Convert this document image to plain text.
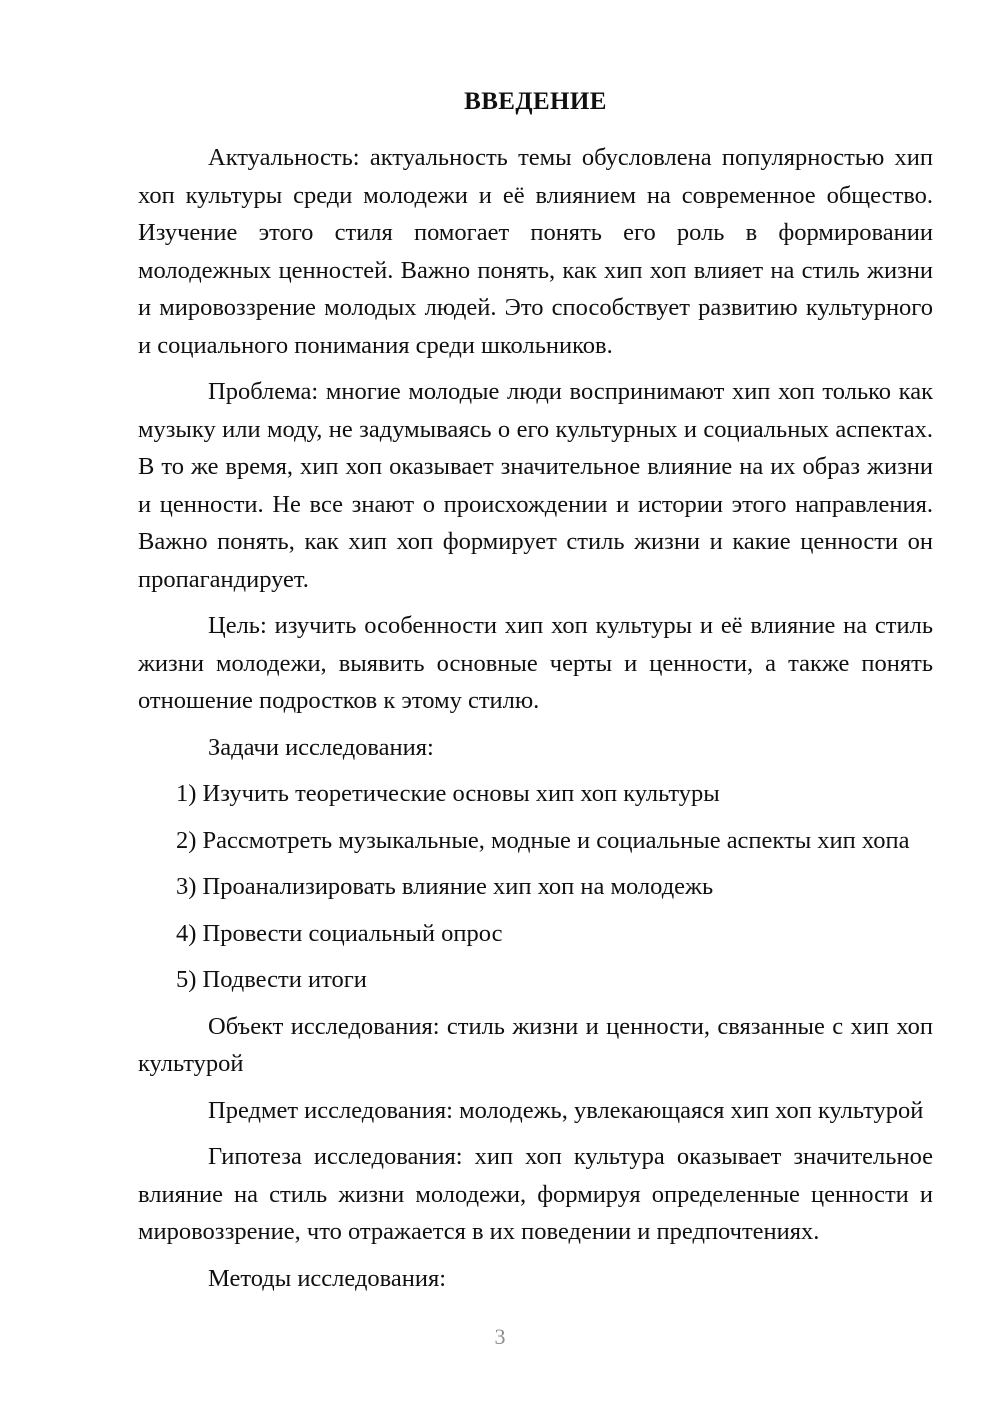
ВВЕДЕНИЕ

Актуальность: актуальность темы обусловлена популярностью хип хоп культуры среди молодежи и её влиянием на современное общество. Изучение этого стиля помогает понять его роль в формировании молодежных ценностей. Важно понять, как хип хоп влияет на стиль жизни и мировоззрение молодых людей. Это способствует развитию культурного и социального понимания среди школьников.

Проблема: многие молодые люди воспринимают хип хоп только как музыку или моду, не задумываясь о его культурных и социальных аспектах. В то же время, хип хоп оказывает значительное влияние на их образ жизни и ценности. Не все знают о происхождении и истории этого направления. Важно понять, как хип хоп формирует стиль жизни и какие ценности он пропагандирует.

Цель: изучить особенности хип хоп культуры и её влияние на стиль жизни молодежи, выявить основные черты и ценности, а также понять отношение подростков к этому стилю.

Задачи исследования:

1) Изучить теоретические основы хип хоп культуры
2) Рассмотреть музыкальные, модные и социальные аспекты хип хопа
3) Проанализировать влияние хип хоп на молодежь
4) Провести социальный опрос
5) Подвести итоги

Объект исследования: стиль жизни и ценности, связанные с хип хоп культурой

Предмет исследования: молодежь, увлекающаяся хип хоп культурой

Гипотеза исследования: хип хоп культура оказывает значительное влияние на стиль жизни молодежи, формируя определенные ценности и мировоззрение, что отражается в их поведении и предпочтениях.

Методы исследования:

3
